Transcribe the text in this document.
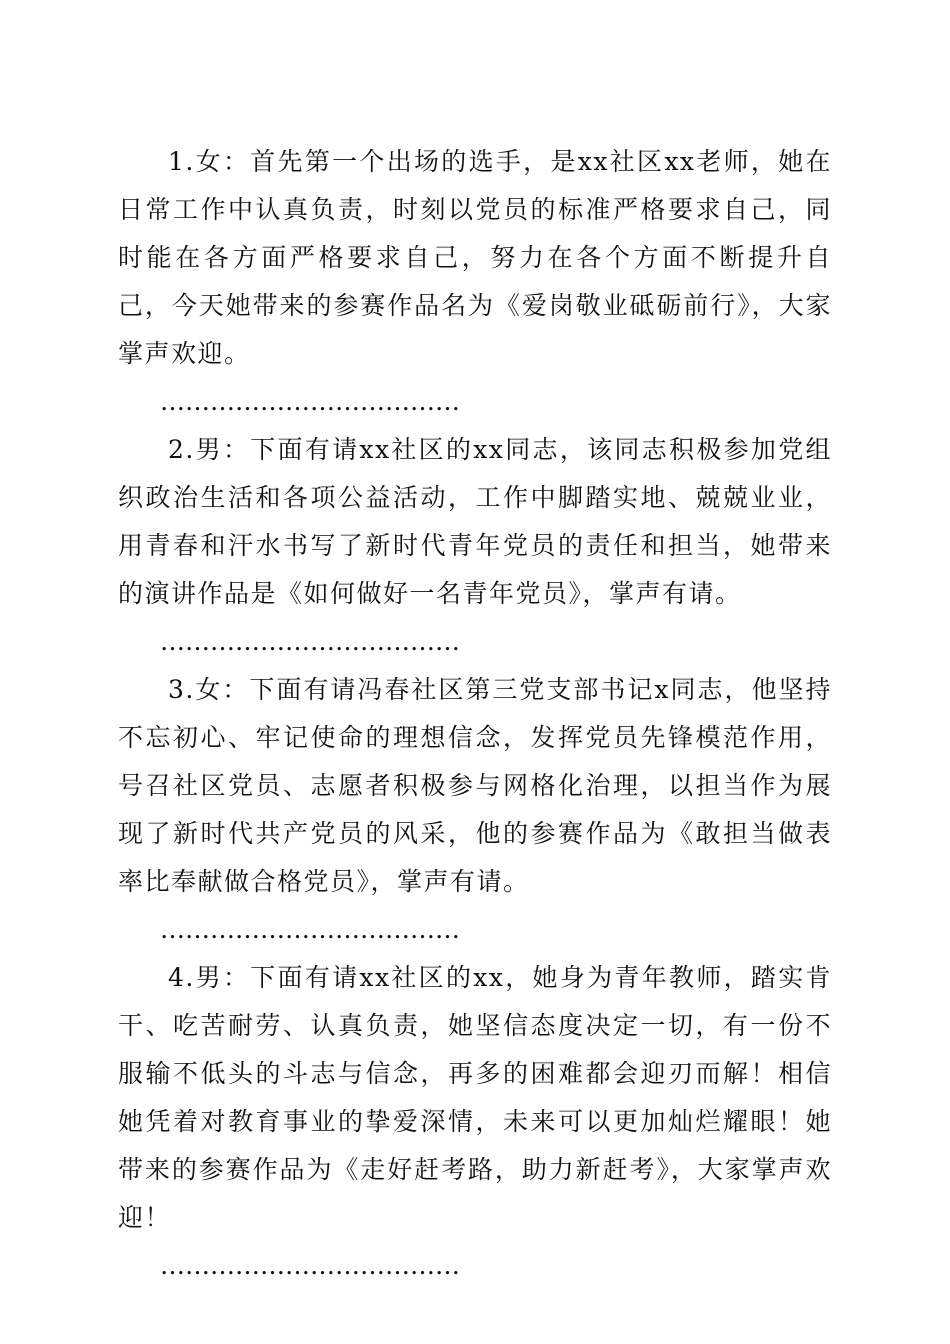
1.女：首先第一个出场的选手，是xx社区xx老师，她在日常工作中认真负责，时刻以党员的标准严格要求自己，同时能在各方面严格要求自己，努力在各个方面不断提升自己，今天她带来的参赛作品名为《爱岗敬业砥砺前行》，大家掌声欢迎。

………………………………

2.男：下面有请xx社区的xx同志，该同志积极参加党组织政治生活和各项公益活动，工作中脚踏实地、兢兢业业，用青春和汗水书写了新时代青年党员的责任和担当，她带来的演讲作品是《如何做好一名青年党员》，掌声有请。

………………………………

3.女：下面有请冯春社区第三党支部书记x同志，他坚持不忘初心、牢记使命的理想信念，发挥党员先锋模范作用，号召社区党员、志愿者积极参与网格化治理，以担当作为展现了新时代共产党员的风采，他的参赛作品为《敢担当做表率比奉献做合格党员》，掌声有请。

………………………………

4.男：下面有请xx社区的xx，她身为青年教师，踏实肯干、吃苦耐劳、认真负责，她坚信态度决定一切，有一份不服输不低头的斗志与信念，再多的困难都会迎刃而解！相信她凭着对教育事业的挚爱深情，未来可以更加灿烂耀眼！她带来的参赛作品为《走好赶考路，助力新赶考》，大家掌声欢迎！

………………………………
